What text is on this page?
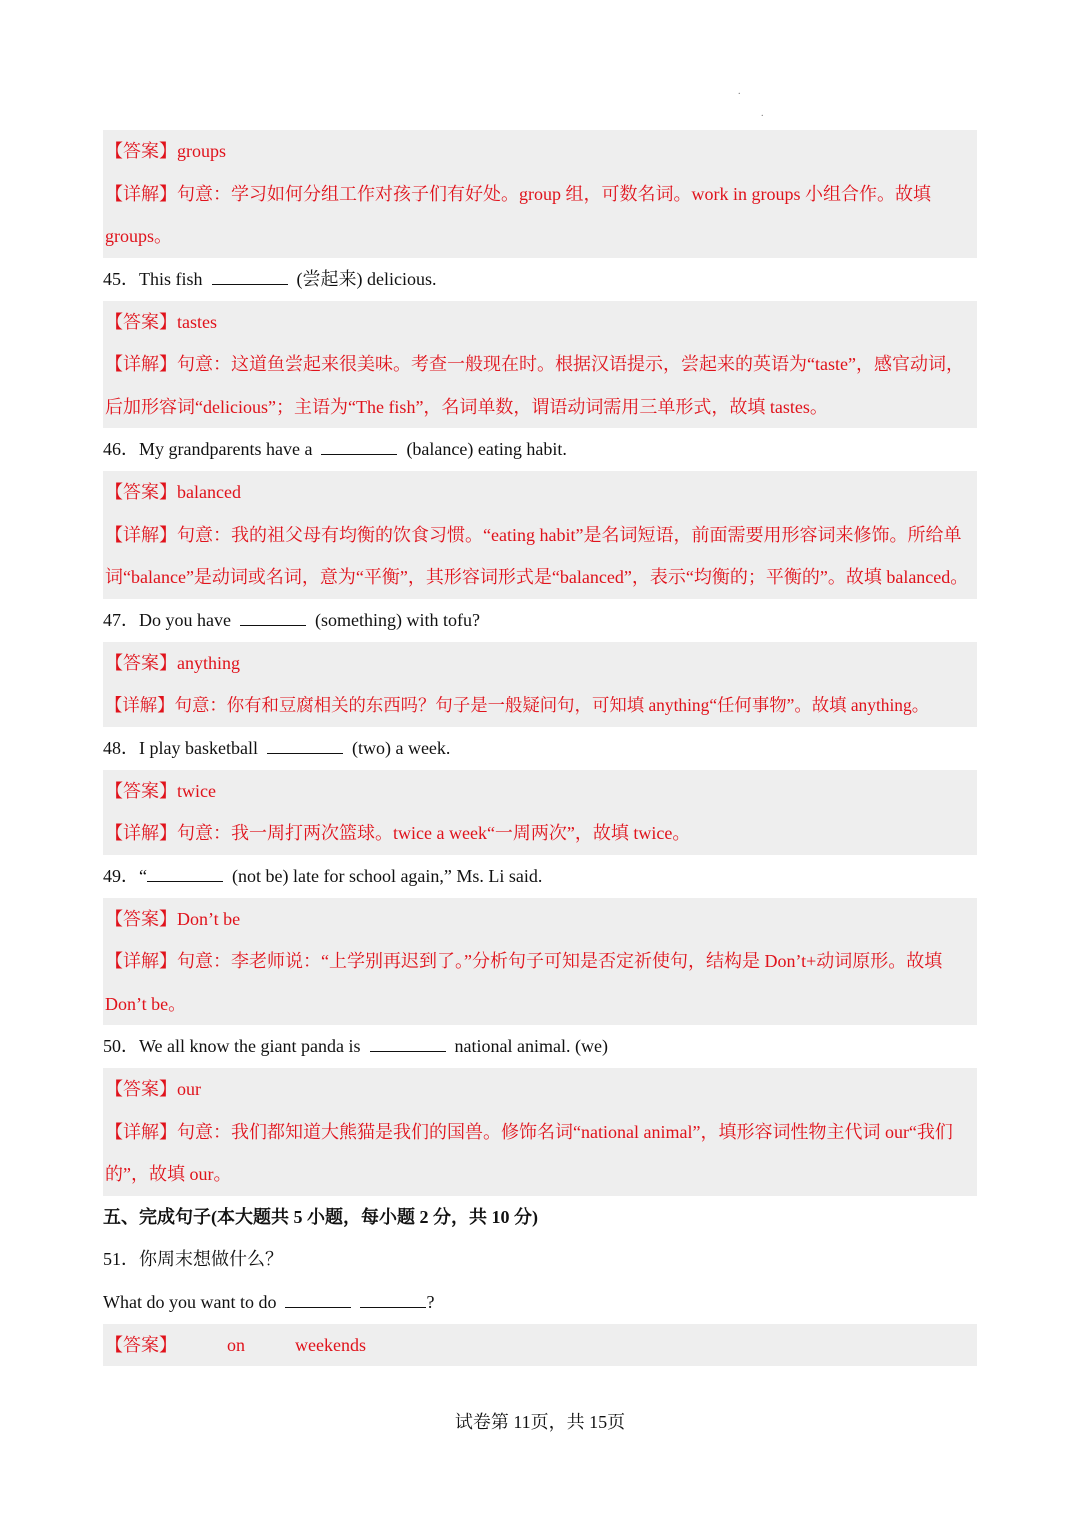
.
.
【答案】groups
【详解】句意：学习如何分组工作对孩子们有好处。group 组，可数名词。work in groups 小组合作。故填 groups。
45．This fish	(尝起来) delicious.
【答案】tastes
【详解】句意：这道鱼尝起来很美味。考查一般现在时。根据汉语提示，尝起来的英语为“taste”，感官动词，后加形容词“delicious”；主语为“The fish”，名词单数，谓语动词需用三单形式，故填 tastes。
46．My grandparents have a	(balance) eating habit.
【答案】balanced
【详解】句意：我的祖父母有均衡的饮食习惯。“eating habit”是名词短语，前面需要用形容词来修饰。所给单词“balance”是动词或名词，意为“平衡”，其形容词形式是“balanced”，表示“均衡的；平衡的”。故填 balanced。
47．Do you have	(something) with tofu?
【答案】anything
【详解】句意：你有和豆腐相关的东西吗？句子是一般疑问句，可知填 anything“任何事物”。故填 anything。
48．I play basketball	(two) a week.
【答案】twice
【详解】句意：我一周打两次篮球。twice a week“一周两次”，故填 twice。
49．“	(not be) late for school again,” Ms. Li said.
【答案】Don’t be
【详解】句意：李老师说：“上学别再迟到了。”分析句子可知是否定祈使句，结构是 Don’t+动词原形。故填 Don’t be。
50．We all know the giant panda is	national animal. (we)
【答案】our
【详解】句意：我们都知道大熊猫是我们的国兽。修饰名词“national animal”，填形容词性物主代词 our“我们的”，故填 our。
五、完成句子(本大题共 5 小题，每小题 2 分，共 10 分)
51．你周末想做什么？
What do you want to do	?
【答案】	on	weekends
试卷第 11页，共 15页
